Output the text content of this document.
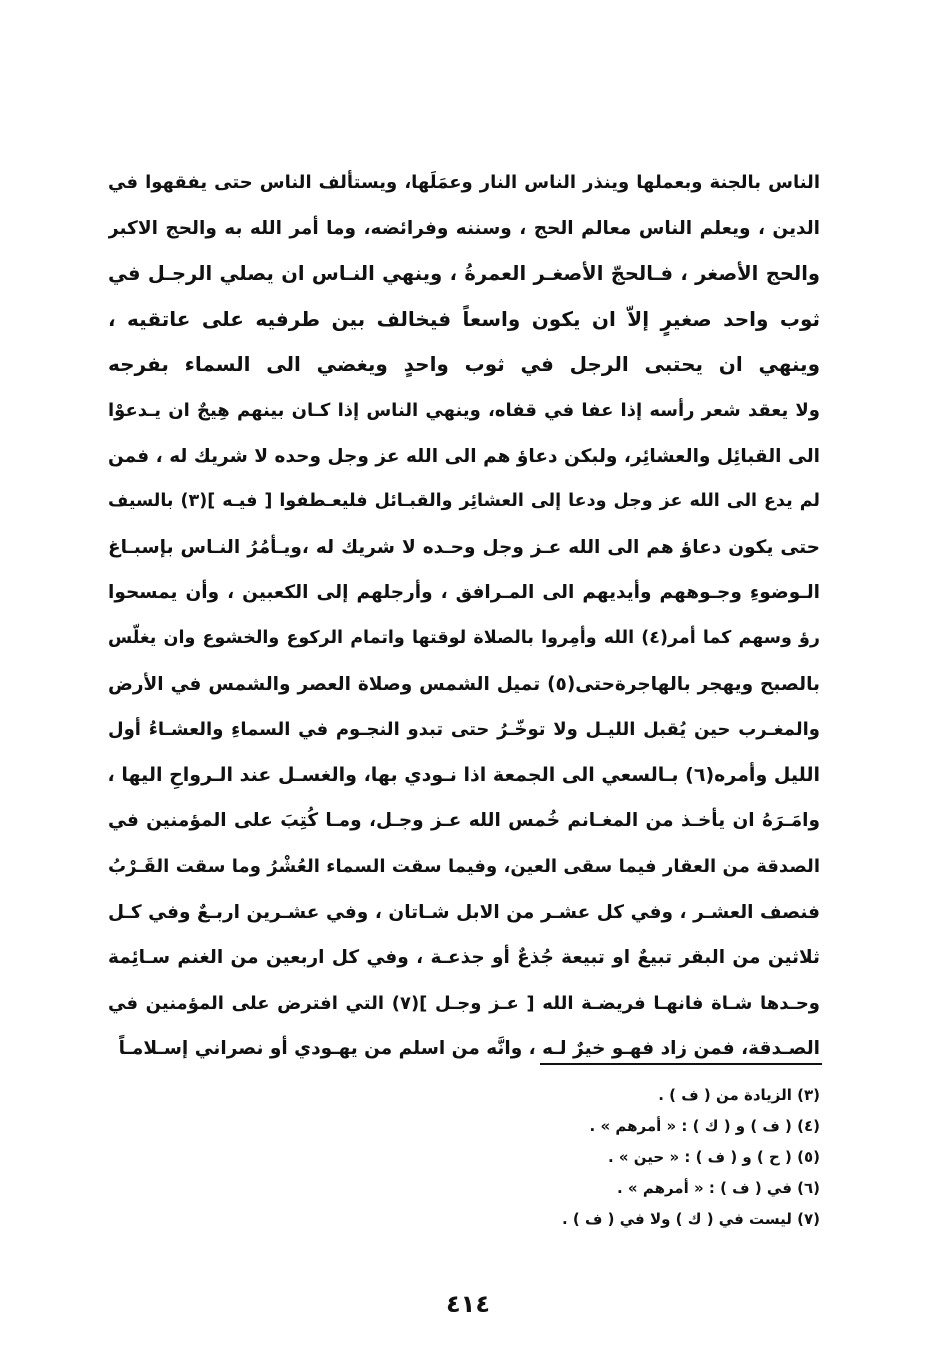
الناس بالجنة وبعملها وينذر الناس النار وعمَلَها، ويستألف الناس حتى يفقهوا في
الدين ، ويعلم الناس معالم الحج ، وسننه وفرائضه، وما أمر الله به والحج الاكبر
والحج الأصغر ، فـالحجّ الأصغـر العمرةُ ، وينهي النـاس ان يصلي الرجـل في
ثوب واحد صغيرٍ إلاّ ان يكون واسعاً فيخالف بين طرفيه على عاتقيه ،
وينهي ان يحتبى الرجل في ثوب واحدٍ ويغضي الى السماء بفرجه
ولا يعقد شعر رأسه إذا عفا في قفاه، وينهي الناس إذا كـان بينهم هِيجٌ ان يـدعوْا
الى القبائِل والعشائِر، ولبكن دعاؤ هم الى الله عز وجل وحده لا شريك له ، فمن
لم يدع الى الله عز وجل ودعا إلى العشائِر والقبـائل فليعـطفوا [ فيـه ](٣) بالسيف
حتى يكون دعاؤ هم الى الله عـز وجل وحـده لا شريك له ،ويـأمُرُ النـاس بإسبـاغ
الـوضوءِ وجـوههم وأيديهم الى المـرافق ، وأرجلهم إلى الكعبين ، وأن يمسحوا
رؤ وسهم كما أمر(٤) الله وأمِروا بالصلاة لوقتها واتمام الركوع والخشوع وان يغلّس
بالصبح ويهجر بالهاجرةحتى(٥) تميل الشمس وصلاة العصر والشمس في الأرض
والمغـرب حين يُقبل الليـل ولا توخّـرُ حتى تبدو النجـوم في السماءِ والعشـاءُ أول
الليل وأمره(٦) بـالسعي الى الجمعة اذا نـودي بها، والغسـل عند الـرواحِ اليها ،
وامَـرَهُ ان يأخـذ من المغـانم خُمس الله عـز وجـل، ومـا كُتِبَ على المؤمنين في
الصدقة من العقار فيما سقى العين، وفيما سقت السماء العُشْرُ وما سقت القَـرْبُ
فنصف العشـر ، وفي كل عشـر من الابل شـاتان ، وفي عشـرين اربـعٌ وفي كـل
ثلاثين من البقر تبيعٌ او تبيعة جُذعٌ أو جذعـة ، وفي كل اربعين من الغنم سـائِمة
وحـدها شـاة فانهـا فريضـة الله [ عـز وجـل ](٧) التي افترض على المؤمنين في
الصـدقة، فمن زاد فهـو خيرٌ لـه ، وانَّه من اسلم من يهـودي أو نصراني إسـلامـاً
(٣) الزيادة من ( ف ) .
(٤) ( ف ) و ( ك ) : « أمرهم » .
(٥) ( ح ) و ( ف ) : « حين » .
(٦) في ( ف ) : « أمرهم » .
(٧) ليست في ( ك ) ولا في ( ف ) .
٤١٤
